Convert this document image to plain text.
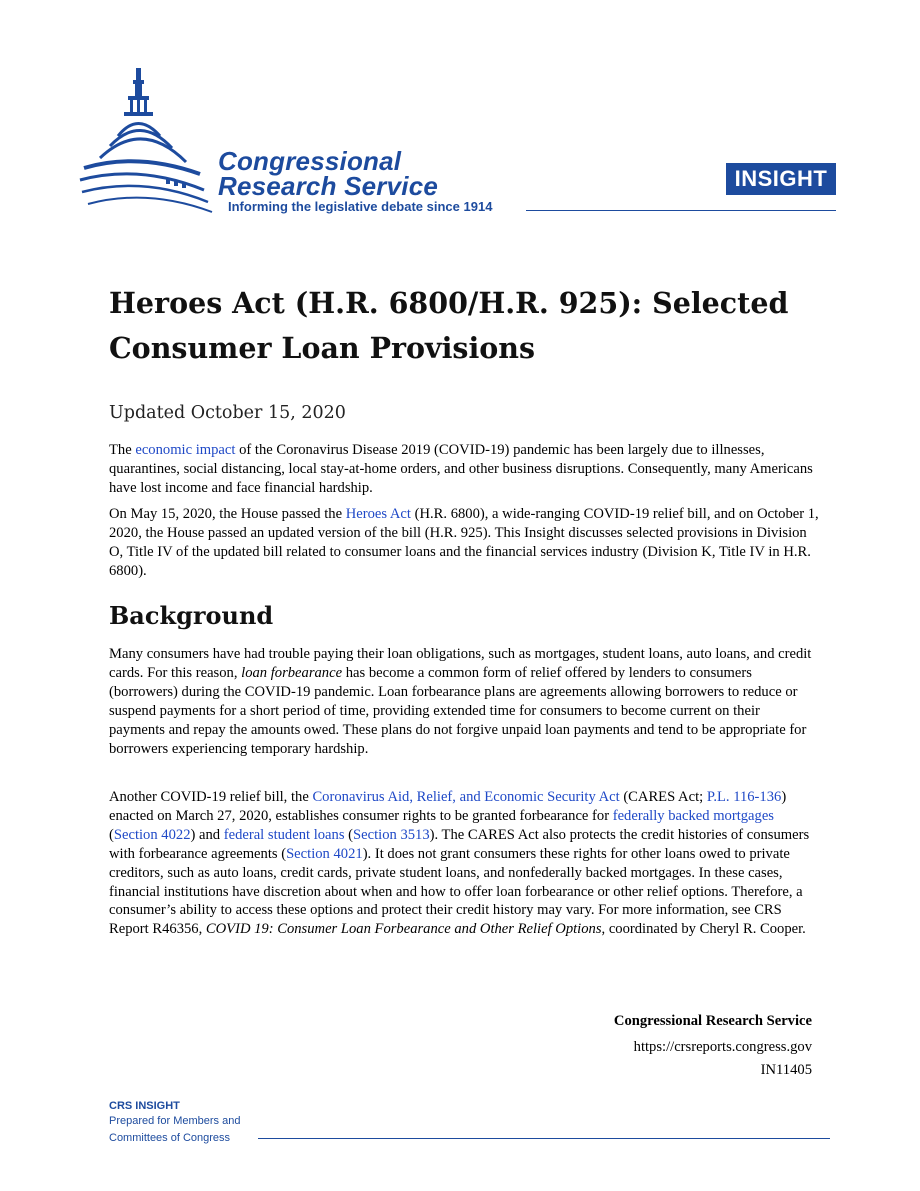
Congressional
Research Service
Informing the legislative debate since 1914
INSIGHT
Heroes Act (H.R. 6800/H.R. 925): Selected Consumer Loan Provisions
Updated October 15, 2020

The economic impact of the Coronavirus Disease 2019 (COVID-19) pandemic has been largely due to illnesses, quarantines, social distancing, local stay-at-home orders, and other business disruptions. Consequently, many Americans have lost income and face financial hardship.

On May 15, 2020, the House passed the Heroes Act (H.R. 6800), a wide-ranging COVID-19 relief bill, and on October 1, 2020, the House passed an updated version of the bill (H.R. 925). This Insight discusses selected provisions in Division O, Title IV of the updated bill related to consumer loans and the financial services industry (Division K, Title IV in H.R. 6800).

Background

Many consumers have had trouble paying their loan obligations, such as mortgages, student loans, auto loans, and credit cards. For this reason, loan forbearance has become a common form of relief offered by lenders to consumers (borrowers) during the COVID-19 pandemic. Loan forbearance plans are agreements allowing borrowers to reduce or suspend payments for a short period of time, providing extended time for consumers to become current on their payments and repay the amounts owed. These plans do not forgive unpaid loan payments and tend to be appropriate for borrowers experiencing temporary hardship.

Another COVID-19 relief bill, the Coronavirus Aid, Relief, and Economic Security Act (CARES Act; P.L. 116-136) enacted on March 27, 2020, establishes consumer rights to be granted forbearance for federally backed mortgages (Section 4022) and federal student loans (Section 3513). The CARES Act also protects the credit histories of consumers with forbearance agreements (Section 4021). It does not grant consumers these rights for other loans owed to private creditors, such as auto loans, credit cards, private student loans, and nonfederally backed mortgages. In these cases, financial institutions have discretion about when and how to offer loan forbearance or other relief options. Therefore, a consumer’s ability to access these options and protect their credit history may vary. For more information, see CRS Report R46356, COVID 19: Consumer Loan Forbearance and Other Relief Options, coordinated by Cheryl R. Cooper.

Congressional Research Service
https://crsreports.congress.gov
IN11405
CRS INSIGHT
Prepared for Members and
Committees of Congress
